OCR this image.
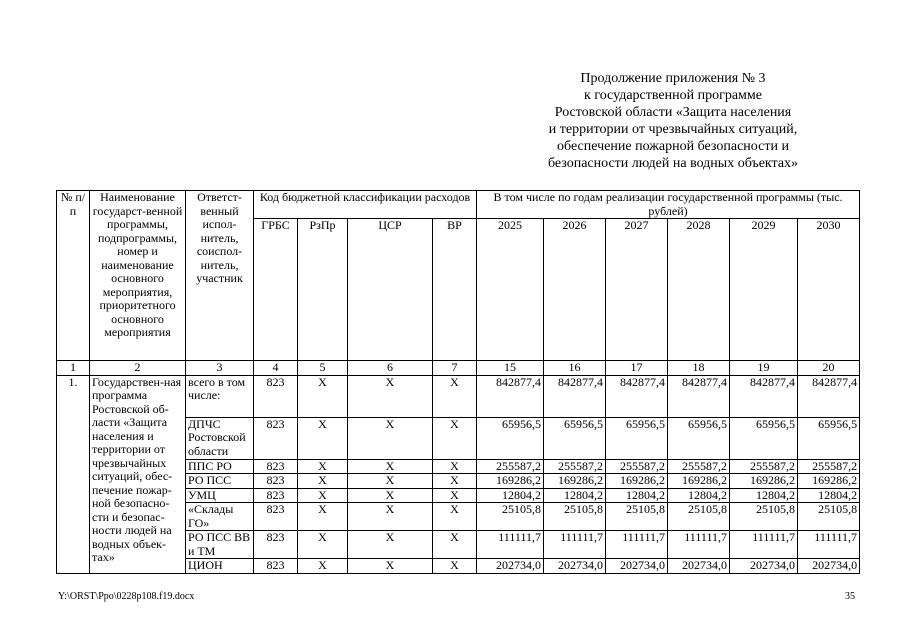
Продолжение приложения № 3
к государственной программе
Ростовской области «Защита населения
и территории от чрезвычайных ситуаций,
обеспечение пожарной безопасности и
безопасности людей на водных объектах»
№ п/п	Наименование государст-венной программы, подпрограммы, номер и наименование основного мероприятия, приоритетного основного мероприятия	Ответст-венный испол-нитель, соиспол-нитель, участник	Код бюджетной классификации расходов				В том числе по годам реализации государственной программы (тыс. рублей)					
			ГРБС	РзПр	ЦСР	ВР	2025	2026	2027	2028	2029	2030
1	2	3	4	5	6	7	15	16	17	18	19	20
1.	Государствен-ная программа Ростовской об-ласти «Защита населения и территории от чрезвычайных ситуаций, обес-печение пожар-ной безопасно-сти и безопас-ности людей на водных объек-тах»	всего в том числе:	823	X	X	X	842877,4	842877,4	842877,4	842877,4	842877,4	842877,4
		ДПЧС Ростовской области	823	X	X	X	65956,5	65956,5	65956,5	65956,5	65956,5	65956,5
		ППС РО	823	X	X	X	255587,2	255587,2	255587,2	255587,2	255587,2	255587,2
		РО ПСС	823	X	X	X	169286,2	169286,2	169286,2	169286,2	169286,2	169286,2
		УМЦ	823	X	X	X	12804,2	12804,2	12804,2	12804,2	12804,2	12804,2
		«Склады ГО»	823	X	X	X	25105,8	25105,8	25105,8	25105,8	25105,8	25105,8
		РО ПСС ВВ и ТМ	823	X	X	X	111111,7	111111,7	111111,7	111111,7	111111,7	111111,7
		ЦИОН	823	X	X	X	202734,0	202734,0	202734,0	202734,0	202734,0	202734,0
Y:\ORST\Ppo\0228p108.f19.docx	35
